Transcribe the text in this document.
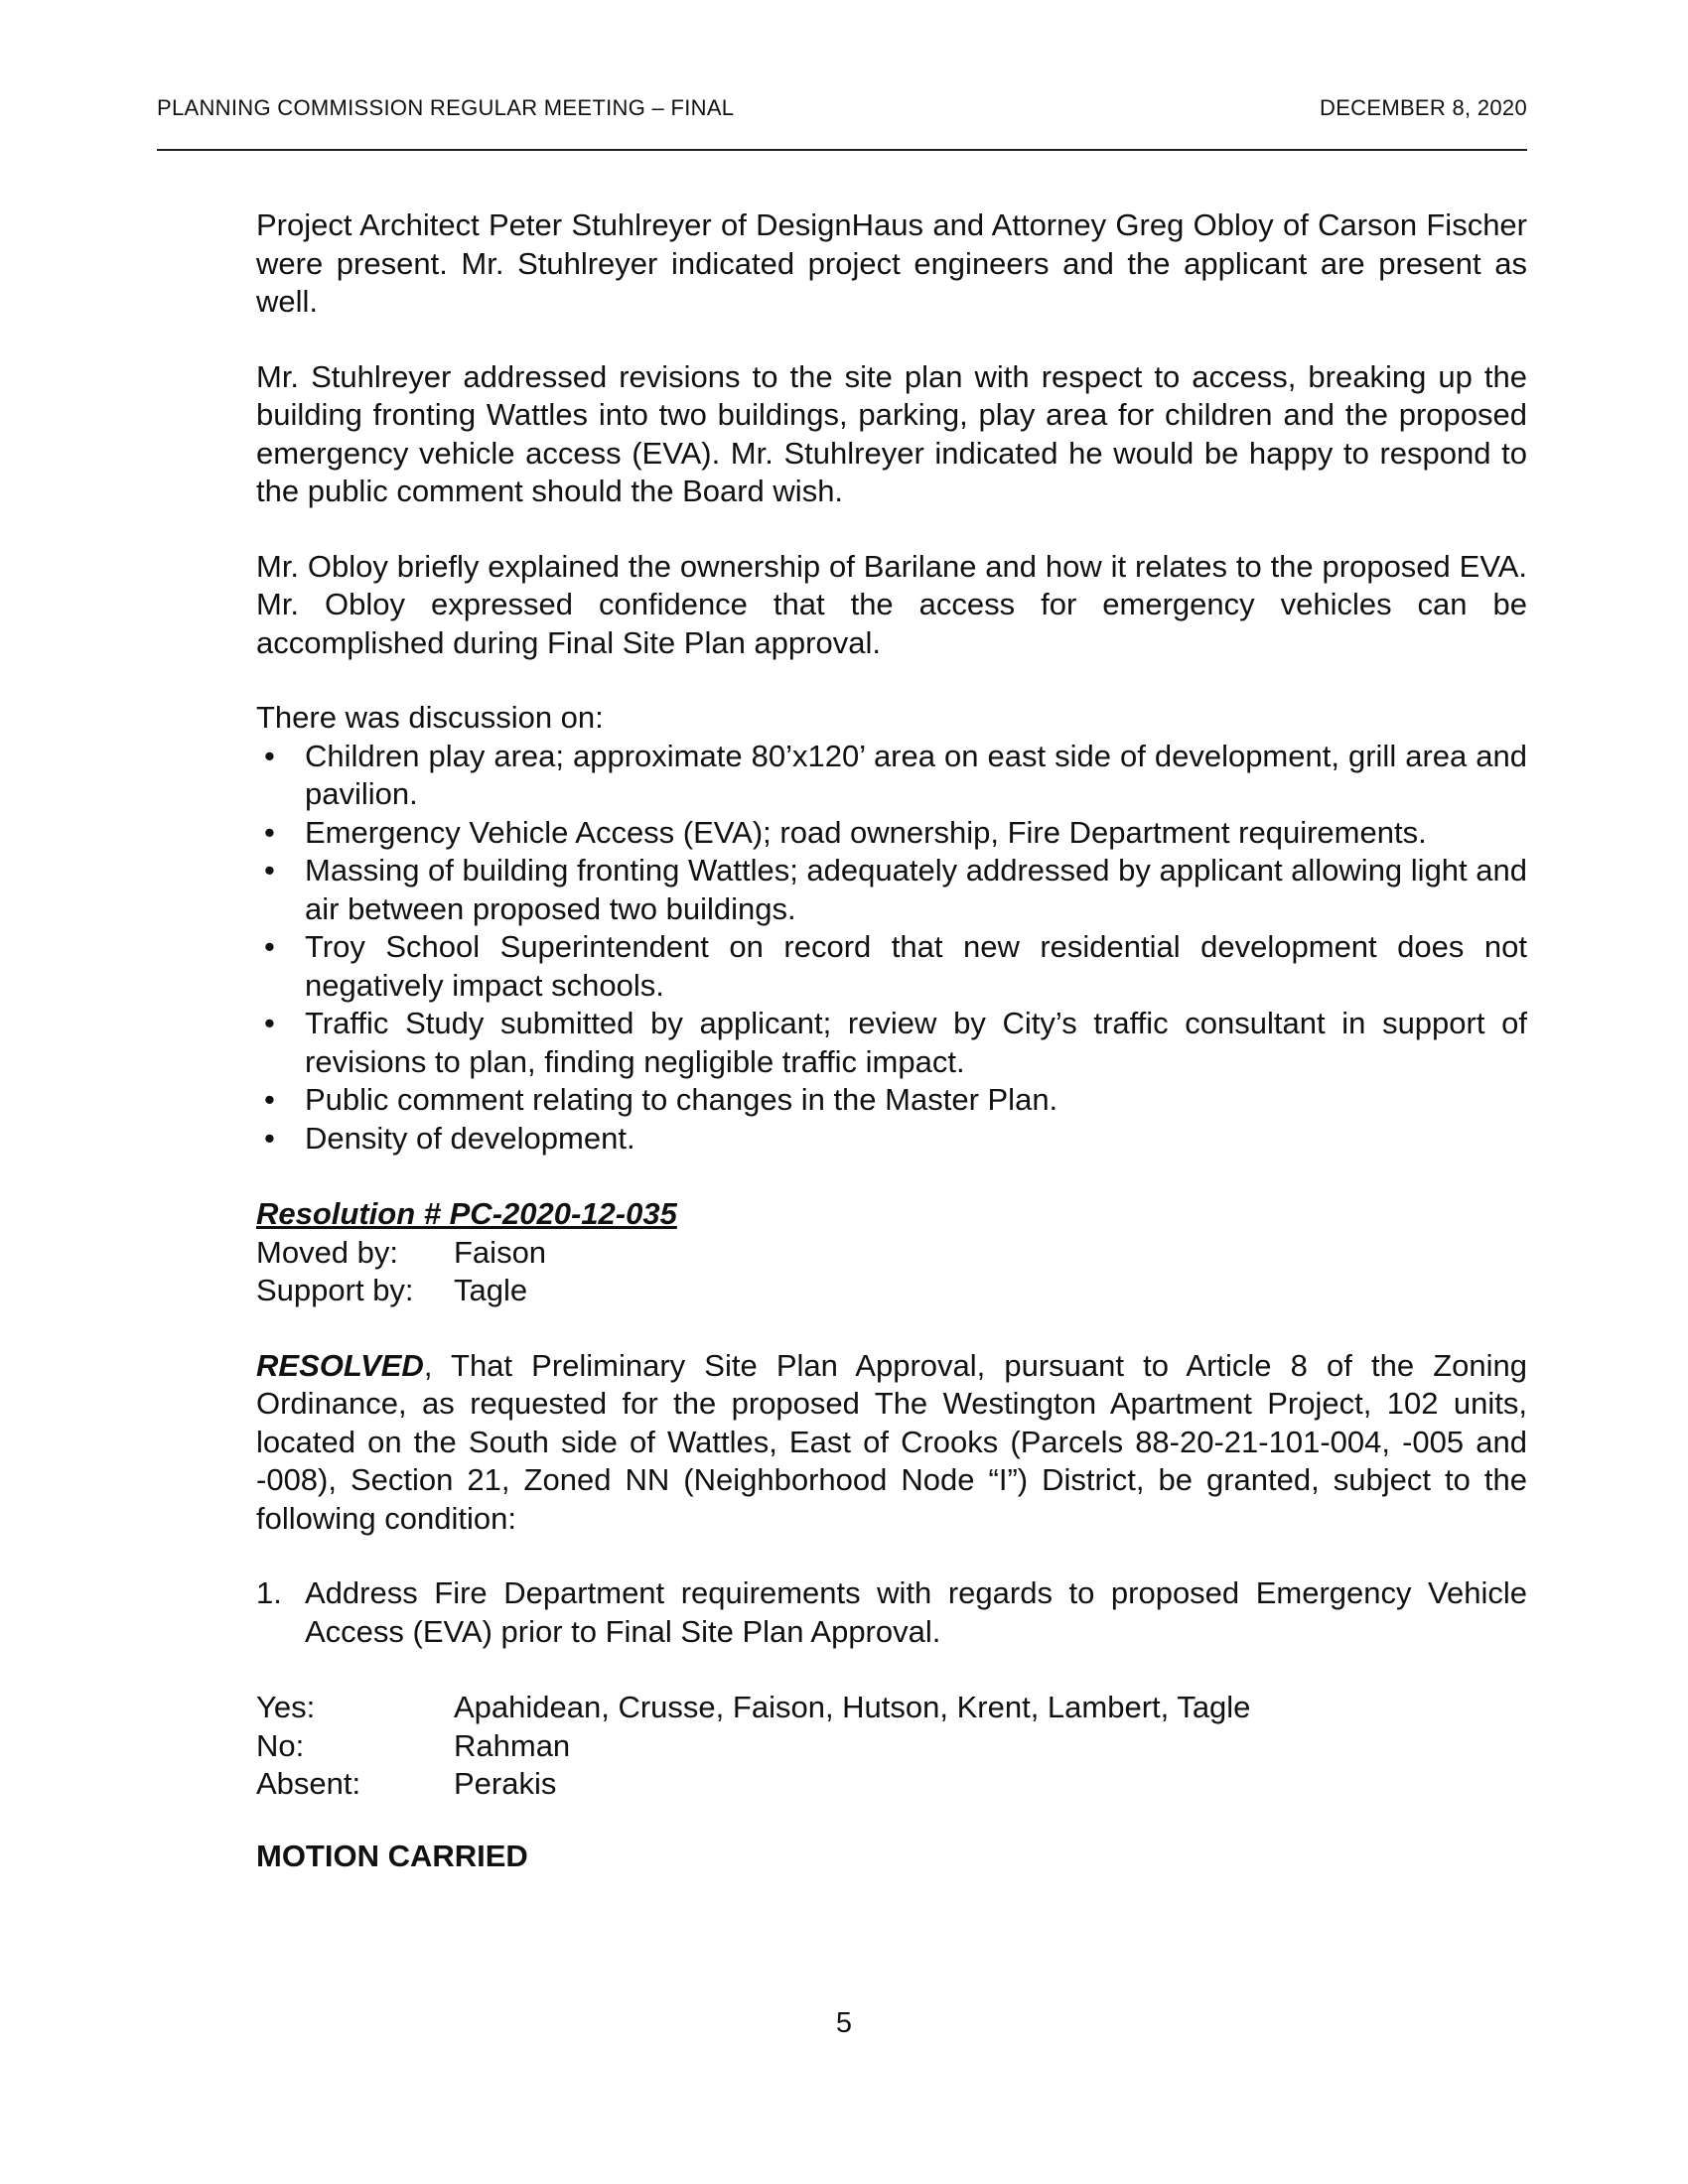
PLANNING COMMISSION REGULAR MEETING – FINAL	DECEMBER 8, 2020

Project Architect Peter Stuhlreyer of DesignHaus and Attorney Greg Obloy of Carson Fischer were present. Mr. Stuhlreyer indicated project engineers and the applicant are present as well.

Mr. Stuhlreyer addressed revisions to the site plan with respect to access, breaking up the building fronting Wattles into two buildings, parking, play area for children and the proposed emergency vehicle access (EVA). Mr. Stuhlreyer indicated he would be happy to respond to the public comment should the Board wish.

Mr. Obloy briefly explained the ownership of Barilane and how it relates to the proposed EVA. Mr. Obloy expressed confidence that the access for emergency vehicles can be accomplished during Final Site Plan approval.

There was discussion on:
• Children play area; approximate 80’x120’ area on east side of development, grill area and pavilion.
• Emergency Vehicle Access (EVA); road ownership, Fire Department requirements.
• Massing of building fronting Wattles; adequately addressed by applicant allowing light and air between proposed two buildings.
• Troy School Superintendent on record that new residential development does not negatively impact schools.
• Traffic Study submitted by applicant; review by City’s traffic consultant in support of revisions to plan, finding negligible traffic impact.
• Public comment relating to changes in the Master Plan.
• Density of development.
Resolution # PC-2020-12-035
Moved by:	Faison
Support by:	Tagle

RESOLVED, That Preliminary Site Plan Approval, pursuant to Article 8 of the Zoning Ordinance, as requested for the proposed The Westington Apartment Project, 102 units, located on the South side of Wattles, East of Crooks (Parcels 88-20-21-101-004, -005 and -008), Section 21, Zoned NN (Neighborhood Node “I”) District, be granted, subject to the following condition:

1. Address Fire Department requirements with regards to proposed Emergency Vehicle Access (EVA) prior to Final Site Plan Approval.
Yes:	Apahidean, Crusse, Faison, Hutson, Krent, Lambert, Tagle
No:	Rahman
Absent:	Perakis
MOTION CARRIED
5
